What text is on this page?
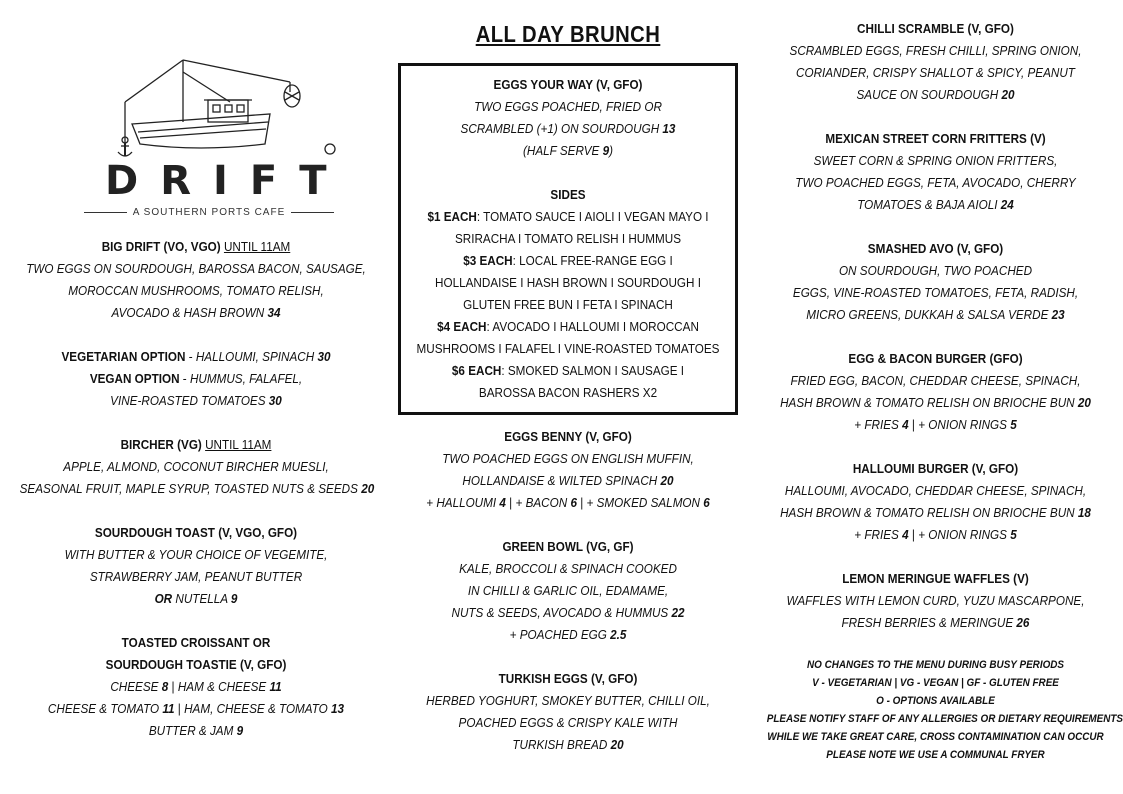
DRIFT
A SOUTHERN PORTS CAFE
BIG DRIFT (VO, VGO) UNTIL 11AM
TWO EGGS ON SOURDOUGH, BAROSSA BACON, SAUSAGE,
MOROCCAN MUSHROOMS, TOMATO RELISH,
AVOCADO & HASH BROWN 34
VEGETARIAN OPTION - HALLOUMI, SPINACH 30
VEGAN OPTION - HUMMUS, FALAFEL,
VINE-ROASTED TOMATOES 30
BIRCHER (VG) UNTIL 11AM
APPLE, ALMOND, COCONUT BIRCHER MUESLI,
SEASONAL FRUIT, MAPLE SYRUP, TOASTED NUTS & SEEDS 20
SOURDOUGH TOAST (V, VGO, GFO)
WITH BUTTER & YOUR CHOICE OF VEGEMITE,
STRAWBERRY JAM, PEANUT BUTTER
OR NUTELLA 9
TOASTED CROISSANT OR
SOURDOUGH TOASTIE (V, GFO)
CHEESE 8 | HAM & CHEESE 11
CHEESE & TOMATO 11 | HAM, CHEESE & TOMATO 13
BUTTER & JAM 9
ALL DAY BRUNCH
EGGS YOUR WAY (V, GFO)
TWO EGGS POACHED, FRIED OR
SCRAMBLED (+1) ON SOURDOUGH 13
(HALF SERVE 9)
SIDES
$1 EACH: TOMATO SAUCE I AIOLI I VEGAN MAYO I
SRIRACHA I TOMATO RELISH I HUMMUS
$3 EACH: LOCAL FREE-RANGE EGG I
HOLLANDAISE I HASH BROWN I SOURDOUGH I
GLUTEN FREE BUN I FETA I SPINACH
$4 EACH: AVOCADO I HALLOUMI I MOROCCAN
MUSHROOMS I FALAFEL I VINE-ROASTED TOMATOES
$6 EACH: SMOKED SALMON I SAUSAGE I
BAROSSA BACON RASHERS X2
EGGS BENNY (V, GFO)
TWO POACHED EGGS ON ENGLISH MUFFIN,
HOLLANDAISE & WILTED SPINACH 20
+ HALLOUMI 4 | + BACON 6 | + SMOKED SALMON 6
GREEN BOWL (VG, GF)
KALE, BROCCOLI & SPINACH COOKED
IN CHILLI & GARLIC OIL, EDAMAME,
NUTS & SEEDS, AVOCADO & HUMMUS 22
+ POACHED EGG 2.5
TURKISH EGGS (V, GFO)
HERBED YOGHURT, SMOKEY BUTTER, CHILLI OIL,
POACHED EGGS & CRISPY KALE WITH
TURKISH BREAD 20
CHILLI SCRAMBLE (V, GFO)
SCRAMBLED EGGS, FRESH CHILLI, SPRING ONION,
CORIANDER, CRISPY SHALLOT & SPICY, PEANUT
SAUCE ON SOURDOUGH 20
MEXICAN STREET CORN FRITTERS (V)
SWEET CORN & SPRING ONION FRITTERS,
TWO POACHED EGGS, FETA, AVOCADO, CHERRY
TOMATOES & BAJA AIOLI 24
SMASHED AVO (V, GFO)
ON SOURDOUGH, TWO POACHED
EGGS, VINE-ROASTED TOMATOES, FETA, RADISH,
MICRO GREENS, DUKKAH & SALSA VERDE 23
EGG & BACON BURGER (GFO)
FRIED EGG, BACON, CHEDDAR CHEESE, SPINACH,
HASH BROWN & TOMATO RELISH ON BRIOCHE BUN 20
+ FRIES 4 | + ONION RINGS 5
HALLOUMI BURGER (V, GFO)
HALLOUMI, AVOCADO, CHEDDAR CHEESE, SPINACH,
HASH BROWN & TOMATO RELISH ON BRIOCHE BUN 18
+ FRIES 4 | + ONION RINGS 5
LEMON MERINGUE WAFFLES (V)
WAFFLES WITH LEMON CURD, YUZU MASCARPONE,
FRESH BERRIES & MERINGUE 26
NO CHANGES TO THE MENU DURING BUSY PERIODS
V - VEGETARIAN | VG - VEGAN | GF - GLUTEN FREE
O - OPTIONS AVAILABLE
PLEASE NOTIFY STAFF OF ANY ALLERGIES OR DIETARY REQUIREMENTS
WHILE WE TAKE GREAT CARE, CROSS CONTAMINATION CAN OCCUR
PLEASE NOTE WE USE A COMMUNAL FRYER
